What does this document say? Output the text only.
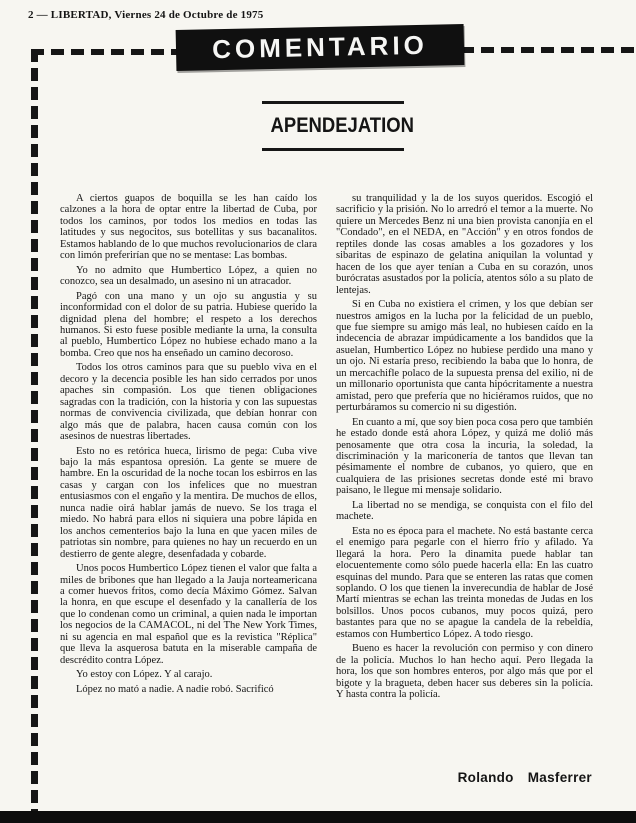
2 — LIBERTAD, Viernes 24 de Octubre de 1975
COMENTARIO
APENDEJATION

A ciertos guapos de boquilla se les han caído los calzones a la hora de optar entre la libertad de Cuba, por todos los caminos, por todos los medios en todas las latitudes y sus negocitos, sus botellitas y sus bacanalitos. Estamos hablando de lo que muchos revolucionarios de clara con limón preferirían que no se mentase: Las bombas.

Yo no admito que Humbertico López, a quien no conozco, sea un desalmado, un asesino ni un atracador.

Pagó con una mano y un ojo su angustia y su inconformidad con el dolor de su patria. Hubiese querido la dignidad plena del hombre; el respeto a los derechos humanos. Si esto fuese posible mediante la urna, la consulta al pueblo, Humbertico López no hubiese echado mano a la bomba. Creo que nos ha enseñado un camino decoroso.

Todos los otros caminos para que su pueblo viva en el decoro y la decencia posible les han sido cerrados por unos apaches sin compasión. Los que tienen obligaciones sagradas con la tradición, con la historia y con las supuestas normas de convivencia civilizada, que debían honrar con algo más que de palabra, hacen causa común con los asesinos de nuestras libertades.

Esto no es retórica hueca, lirismo de pega: Cuba vive bajo la más espantosa opresión. La gente se muere de hambre. En la oscuridad de la noche tocan los esbirros en las casas y cargan con los infelices que no muestran entusiasmos con el engaño y la mentira. De muchos de ellos, nunca nadie oirá hablar jamás de nuevo. Se los traga el miedo. No habrá para ellos ni siquiera una pobre lápida en los anchos cementerios bajo la luna en que yacen miles de patriotas sin nombre, para quienes no hay un recuerdo en un destierro de gente alegre, desenfadada y cobarde.

Unos pocos Humbertico López tienen el valor que falta a miles de bribones que han llegado a la Jauja norteamericana a comer huevos fritos, como decía Máximo Gómez. Salvan la honra, en que escupe el desenfado y la canallería de los que lo condenan como un criminal, a quien nada le importan los negocios de la CAMACOL, ni del The New York Times, ni su agencia en mal español que es la revistica "Réplica" que lleva la asquerosa batuta en la miserable campaña de descrédito contra López.

Yo estoy con López. Y al carajo.

López no mató a nadie. A nadie robó. Sacrificó

su tranquilidad y la de los suyos queridos. Escogió el sacrificio y la prisión. No lo arredró el temor a la muerte. No quiere un Mercedes Benz ni una bien provista canonjía en el "Condado", en el NEDA, en "Acción" y en otros fondos de reptiles donde las cosas amables a los gozadores y los sibaritas de espinazo de gelatina aniquilan la voluntad y hacen de los que ayer tenían a Cuba en su corazón, unos burócratas asustados por la policía, atentos sólo a su plato de lentejas.

Si en Cuba no existiera el crimen, y los que debían ser nuestros amigos en la lucha por la felicidad de un pueblo, que fue siempre su amigo más leal, no hubiesen caído en la indecencia de abrazar impúdicamente a los bandidos que la asuelan, Humbertico López no hubiese perdido una mano y un ojo. Ni estaría preso, recibiendo la baba que lo honra, de un mercachifle polaco de la supuesta prensa del exilio, ni de un millonario oportunista que canta hipócritamente a nuestra amistad, pero que prefería que no hiciéramos ruidos, que no perturbáramos su comercio ni su digestión.

En cuanto a mí, que soy bien poca cosa pero que también he estado donde está ahora López, y quizá me dolió más penosamente que otra cosa la incuria, la soledad, la discriminación y la mariconería de tantos que llevan tan pésimamente el nombre de cubanos, yo quiero, que en cualquiera de las prisiones secretas donde esté mi bravo paisano, le llegue mi mensaje solidario.

La libertad no se mendiga, se conquista con el filo del machete.

Esta no es época para el machete. No está bastante cerca el enemigo para pegarle con el hierro frío y afilado. Ya llegará la hora. Pero la dinamita puede hablar tan elocuentemente como sólo puede hacerla ella: En las cuatro esquinas del mundo. Para que se enteren las ratas que comen soplando. O los que tienen la inverecundia de hablar de José Martí mientras se echan las treinta monedas de Judas en los bolsillos. Unos pocos cubanos, muy pocos quizá, pero bastantes para que no se apague la candela de la rebeldía, estamos con Humbertico López. A todo riesgo.

Bueno es hacer la revolución con permiso y con dinero de la policía. Muchos lo han hecho aquí. Pero llegada la hora, los que son hombres enteros, por algo más que por el bigote y la bragueta, deben hacer sus deberes sin la policía. Y hasta contra la policía.

Rolando Masferrer
